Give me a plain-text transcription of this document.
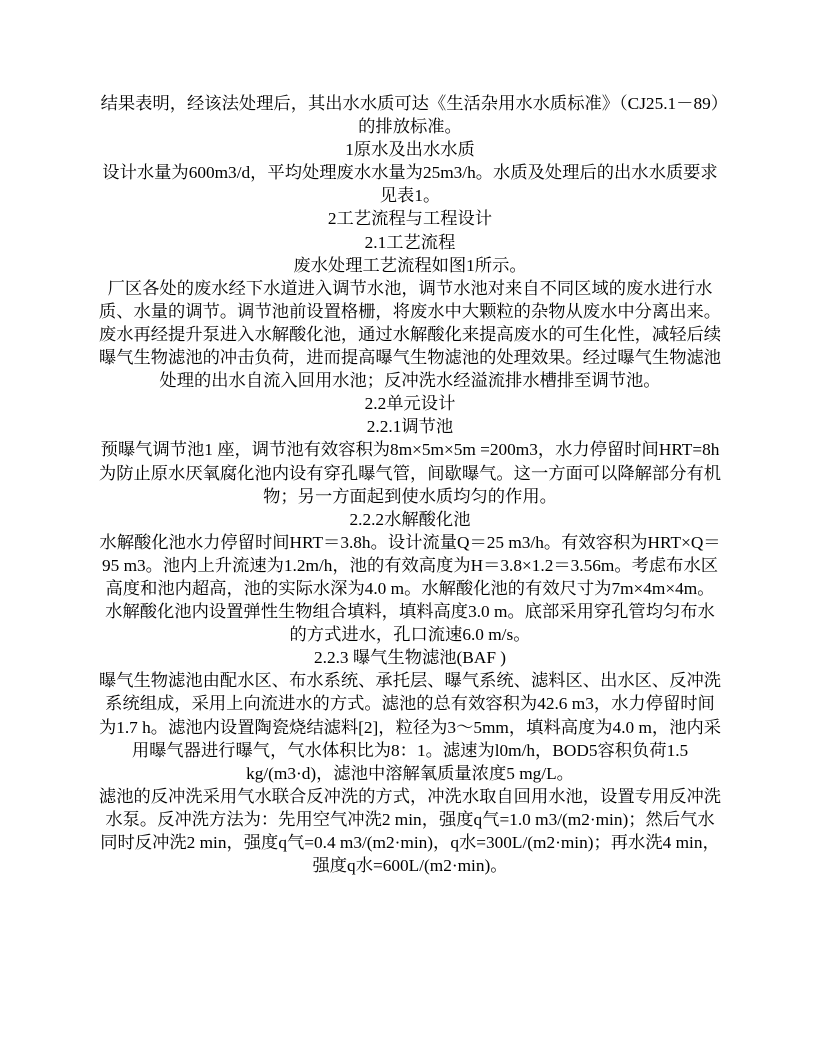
结果表明，经该法处理后，其出水水质可达《生活杂用水水质标准》（CJ25.1－89）的排放标准。

1原水及出水水质

设计水量为600m3/d，平均处理废水水量为25m3/h。水质及处理后的出水水质要求见表1。

2工艺流程与工程设计

2.1工艺流程

废水处理工艺流程如图1所示。

厂区各处的废水经下水道进入调节水池，调节水池对来自不同区域的废水进行水质、水量的调节。调节池前设置格栅，将废水中大颗粒的杂物从废水中分离出来。废水再经提升泵进入水解酸化池，通过水解酸化来提高废水的可生化性，减轻后续曝气生物滤池的冲击负荷，进而提高曝气生物滤池的处理效果。经过曝气生物滤池处理的出水自流入回用水池；反冲洗水经溢流排水槽排至调节池。

2.2单元设计

2.2.1调节池

预曝气调节池1 座，调节池有效容积为8m×5m×5m =200m3，水力停留时间HRT=8h为防止原水厌氧腐化池内设有穿孔曝气管，间歇曝气。这一方面可以降解部分有机物；另一方面起到使水质均匀的作用。

2.2.2水解酸化池

水解酸化池水力停留时间HRT＝3.8h。设计流量Q＝25 m3/h。有效容积为HRT×Q＝95 m3。池内上升流速为1.2m/h，池的有效高度为H＝3.8×1.2＝3.56m。考虑布水区高度和池内超高，池的实际水深为4.0 m。水解酸化池的有效尺寸为7m×4m×4m。水解酸化池内设置弹性生物组合填料，填料高度3.0 m。底部采用穿孔管均匀布水的方式进水，孔口流速6.0 m/s。

2.2.3 曝气生物滤池(BAF )

曝气生物滤池由配水区、布水系统、承托层、曝气系统、滤料区、出水区、反冲洗系统组成，采用上向流进水的方式。滤池的总有效容积为42.6 m3，水力停留时间为1.7 h。滤池内设置陶瓷烧结滤料[2]，粒径为3～5mm，填料高度为4.0 m，池内采用曝气器进行曝气，气水体积比为8：1。滤速为l0m/h，BOD5容积负荷1.5 kg/(m3·d)，滤池中溶解氧质量浓度5 mg/L。

滤池的反冲洗采用气水联合反冲洗的方式，冲洗水取自回用水池，设置专用反冲洗水泵。反冲洗方法为：先用空气冲洗2 min，强度q气=1.0 m3/(m2·min)；然后气水同时反冲洗2 min，强度q气=0.4 m3/(m2·min)，q水=300L/(m2·min)；再水洗4 min，强度q水=600L/(m2·min)。
